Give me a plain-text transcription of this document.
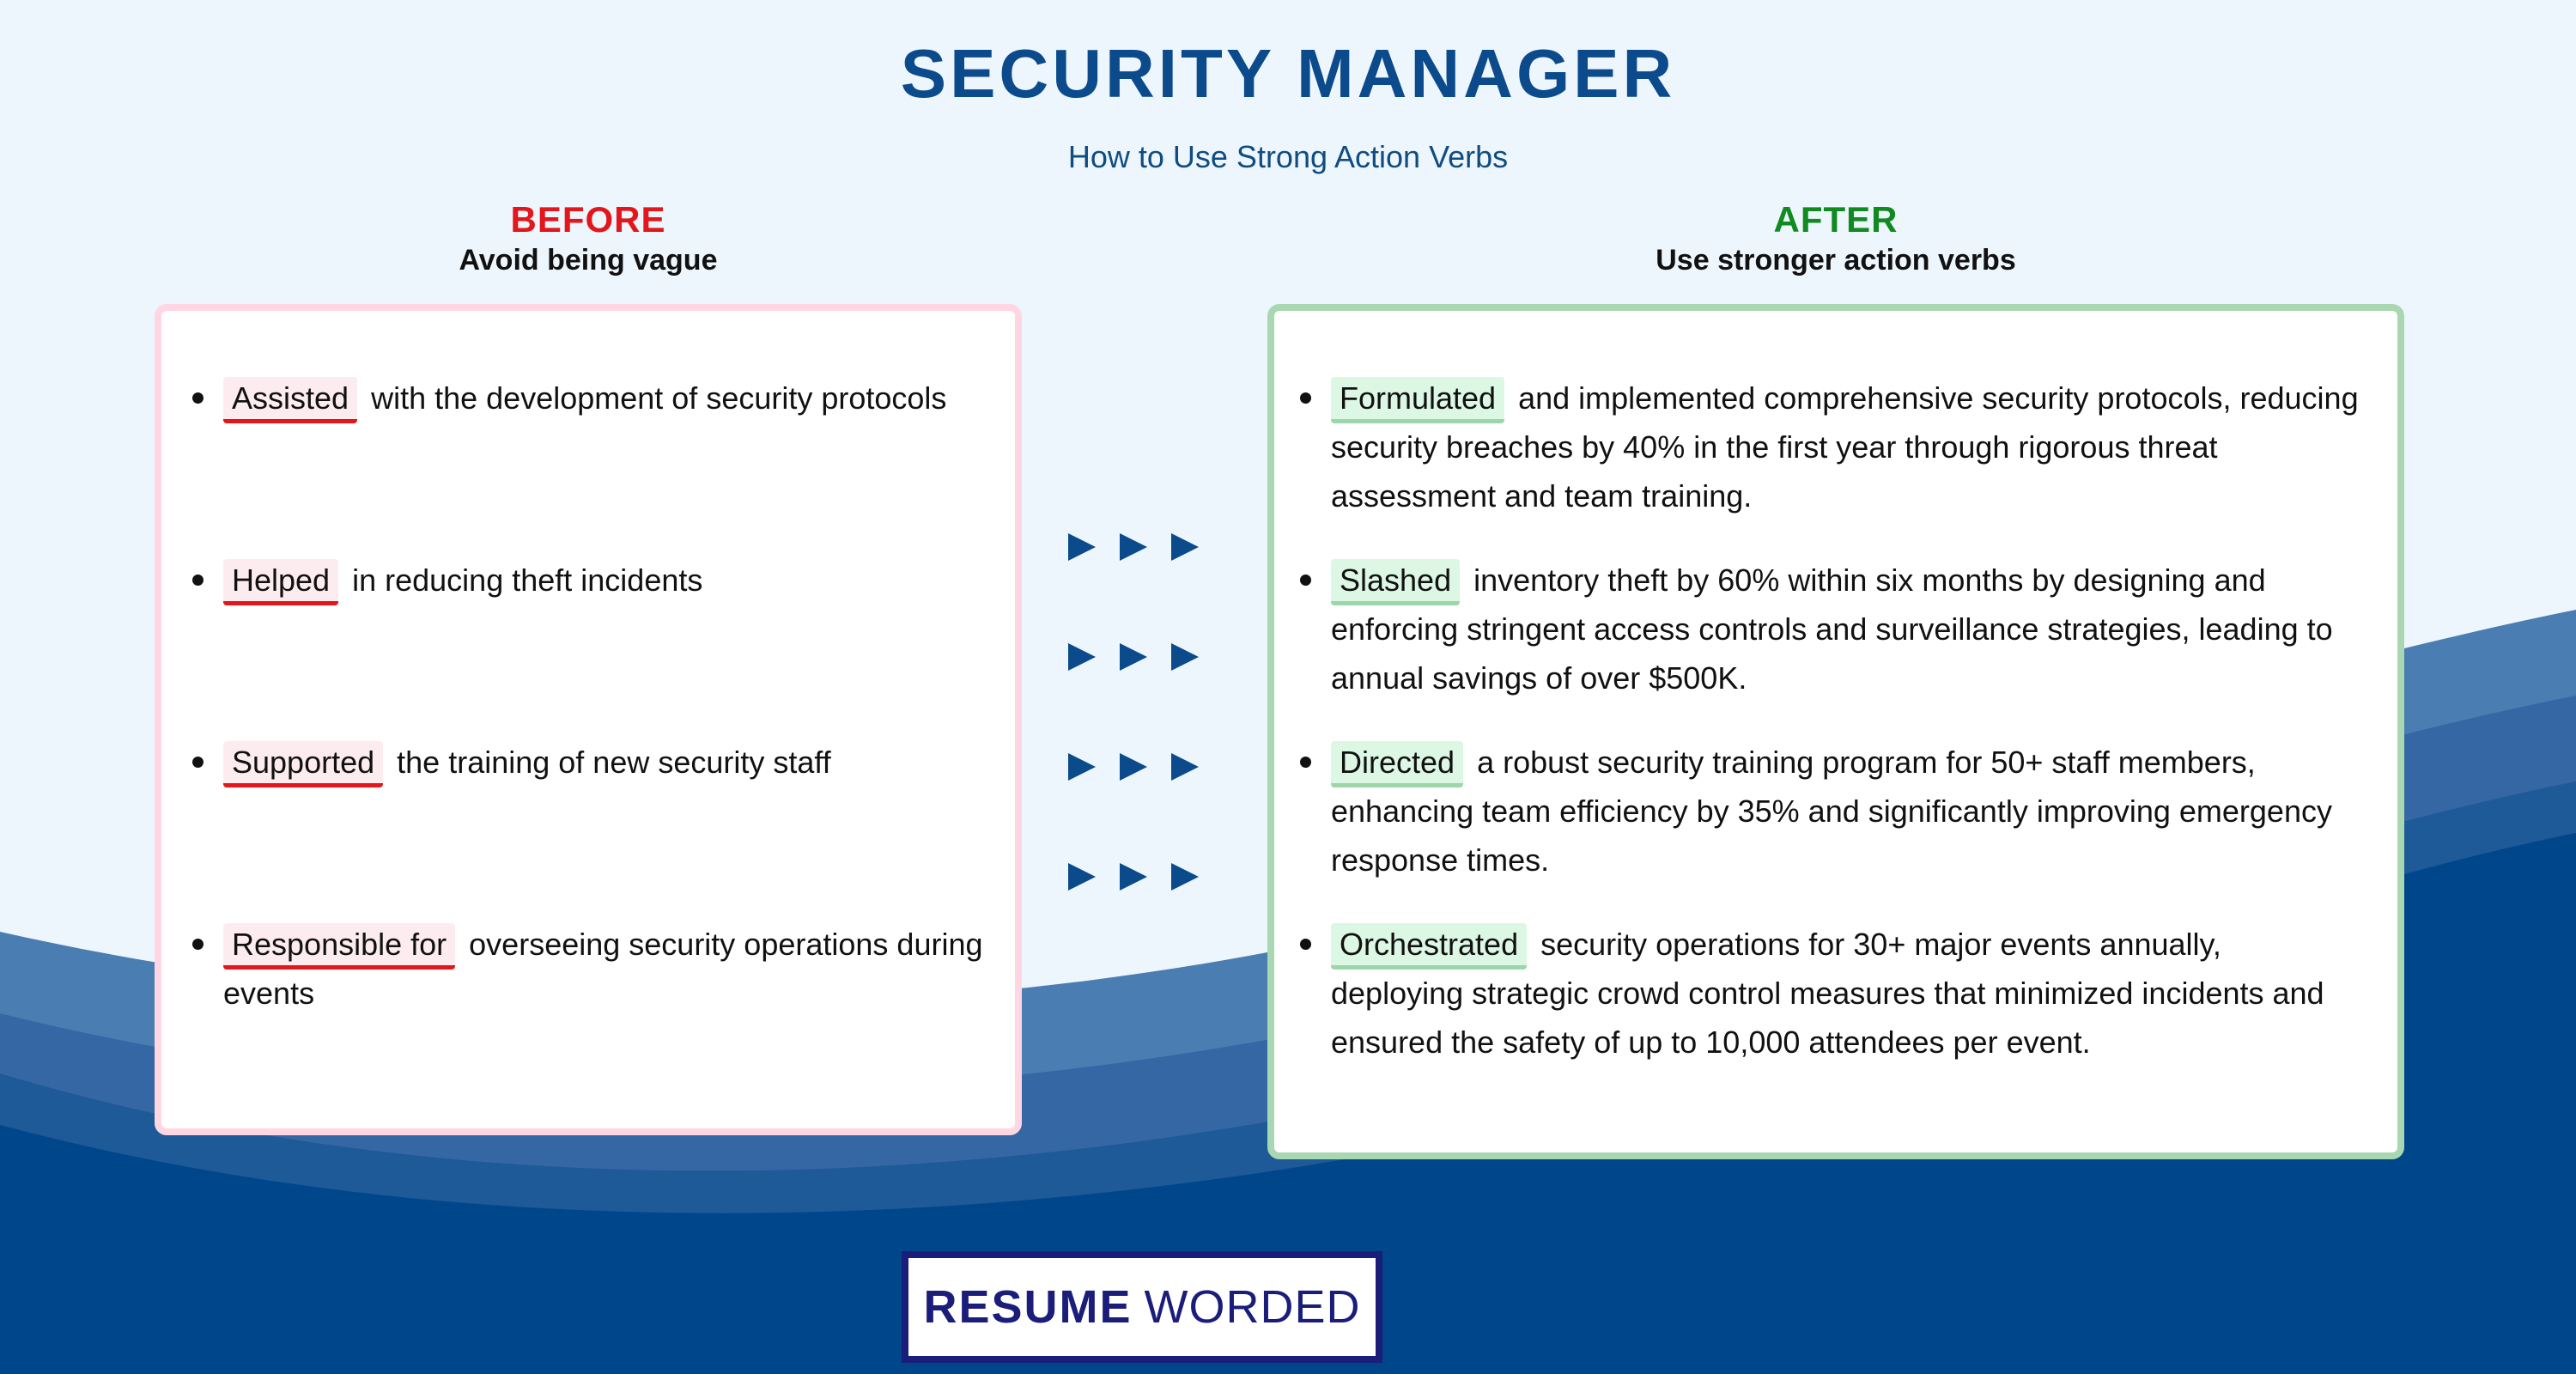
SECURITY MANAGER
How to Use Strong Action Verbs
BEFORE
Avoid being vague
AFTER
Use stronger action verbs
Assisted with the development of security protocols
Helped in reducing theft incidents
Supported the training of new security staff
Responsible for overseeing security operations during events
Formulated and implemented comprehensive security protocols, reducing security breaches by 40% in the first year through rigorous threat assessment and team training.
Slashed inventory theft by 60% within six months by designing and enforcing stringent access controls and surveillance strategies, leading to annual savings of over $500K.
Directed a robust security training program for 50+ staff members, enhancing team efficiency by 35% and significantly improving emergency response times.
Orchestrated security operations for 30+ major events annually, deploying strategic crowd control measures that minimized incidents and ensured the safety of up to 10,000 attendees per event.
RESUME WORDED
